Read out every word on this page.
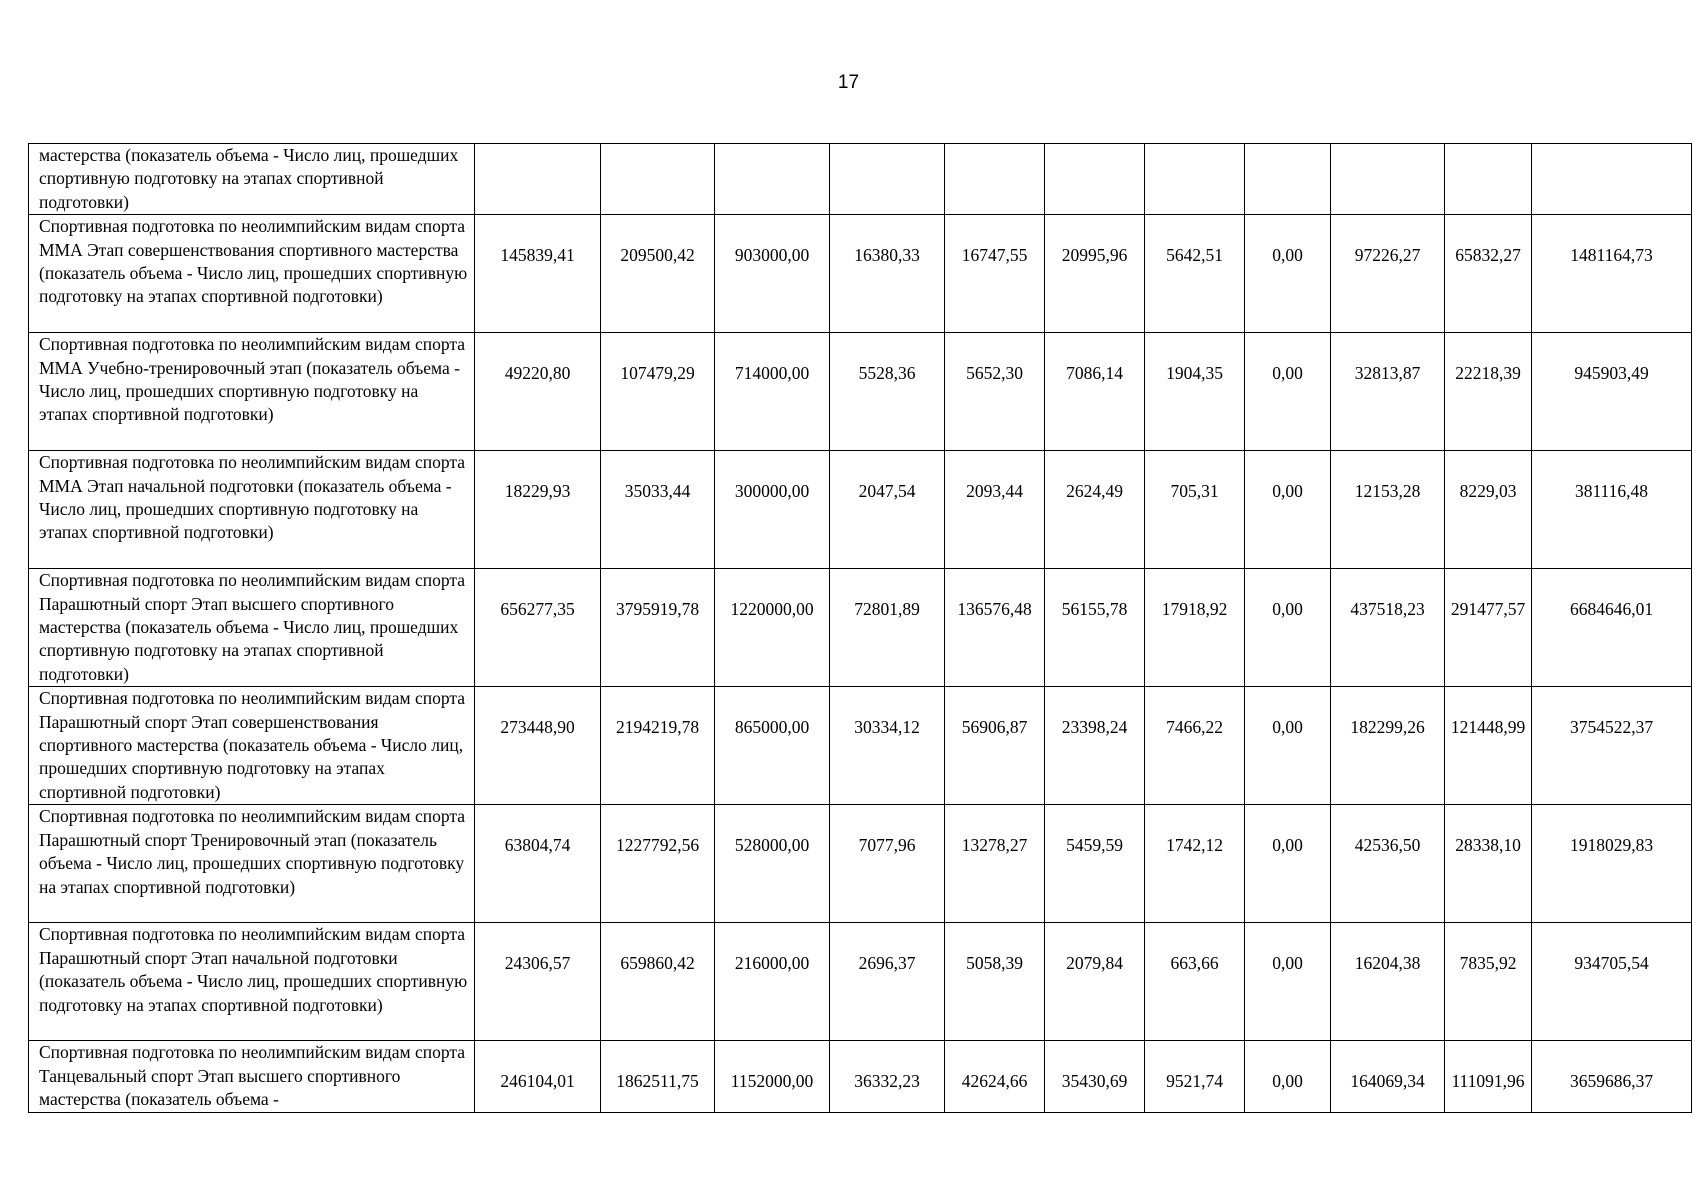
17
мастерства (показатель объема - Число лиц, прошедших спортивную подготовку на этапах спортивной подготовки)											
Спортивная подготовка по неолимпийским видам спорта ММА Этап совершенствования спортивного мастерства (показатель объема - Число лиц, прошедших спортивную подготовку на этапах спортивной подготовки)	145839,41	209500,42	903000,00	16380,33	16747,55	20995,96	5642,51	0,00	97226,27	65832,27	1481164,73
Спортивная подготовка по неолимпийским видам спорта ММА Учебно-тренировочный этап (показатель объема - Число лиц, прошедших спортивную подготовку на этапах спортивной подготовки)	49220,80	107479,29	714000,00	5528,36	5652,30	7086,14	1904,35	0,00	32813,87	22218,39	945903,49
Спортивная подготовка по неолимпийским видам спорта ММА Этап начальной подготовки (показатель объема - Число лиц, прошедших спортивную подготовку на этапах спортивной подготовки)	18229,93	35033,44	300000,00	2047,54	2093,44	2624,49	705,31	0,00	12153,28	8229,03	381116,48
Спортивная подготовка по неолимпийским видам спорта Парашютный спорт Этап высшего спортивного мастерства (показатель объема - Число лиц, прошедших спортивную подготовку на этапах спортивной подготовки)	656277,35	3795919,78	1220000,00	72801,89	136576,48	56155,78	17918,92	0,00	437518,23	291477,57	6684646,01
Спортивная подготовка по неолимпийским видам спорта Парашютный спорт Этап совершенствования спортивного мастерства (показатель объема - Число лиц, прошедших спортивную подготовку на этапах спортивной подготовки)	273448,90	2194219,78	865000,00	30334,12	56906,87	23398,24	7466,22	0,00	182299,26	121448,99	3754522,37
Спортивная подготовка по неолимпийским видам спорта Парашютный спорт Тренировочный этап (показатель объема - Число лиц, прошедших спортивную подготовку на этапах спортивной подготовки)	63804,74	1227792,56	528000,00	7077,96	13278,27	5459,59	1742,12	0,00	42536,50	28338,10	1918029,83
Спортивная подготовка по неолимпийским видам спорта Парашютный спорт Этап начальной подготовки (показатель объема - Число лиц, прошедших спортивную подготовку на этапах спортивной подготовки)	24306,57	659860,42	216000,00	2696,37	5058,39	2079,84	663,66	0,00	16204,38	7835,92	934705,54
Спортивная подготовка по неолимпийским видам спорта Танцевальный спорт Этап высшего спортивного мастерства (показатель объема -	246104,01	1862511,75	1152000,00	36332,23	42624,66	35430,69	9521,74	0,00	164069,34	111091,96	3659686,37
